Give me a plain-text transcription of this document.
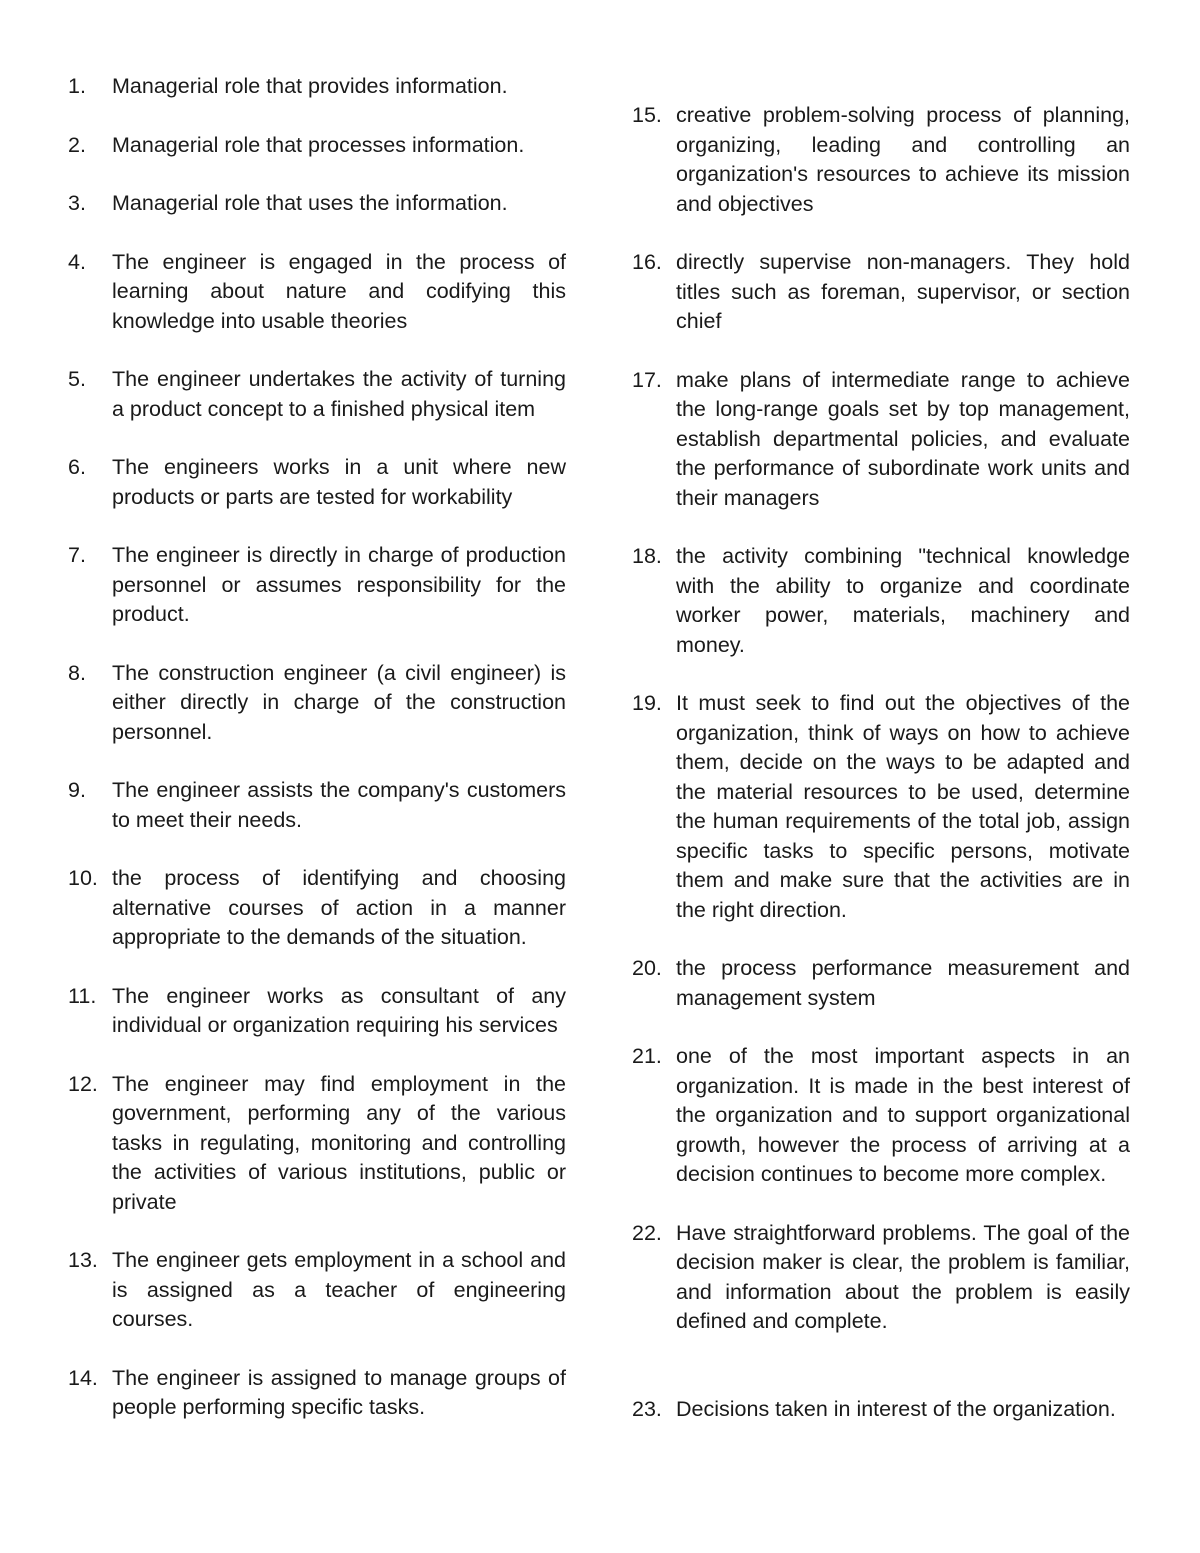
1.	Managerial role that provides information.
2.	Managerial role that processes information.
3.	Managerial role that uses the information.
4.	The engineer is engaged in the process of learning about nature and codifying this knowledge into usable theories
5.	The engineer undertakes the activity of turning a product concept to a finished physical item
6.	The engineers works in a unit where new products or parts are tested for workability
7.	The engineer is directly in charge of production personnel or assumes responsibility for the product.
8.	The construction engineer (a civil engineer) is either directly in charge of the construction personnel.
9.	The engineer assists the company's customers to meet their needs.
10. the process of identifying and choosing alternative courses of action in a manner appropriate to the demands of the situation.
11. The engineer works as consultant of any individual or organization requiring his services
12. The engineer may find employment in the government, performing any of the various tasks in regulating, monitoring and controlling the activities of various institutions, public or private
13. The engineer gets employment in a school and is assigned as a teacher of engineering courses.
14. The engineer is assigned to manage groups of people performing specific tasks.
15. creative problem-solving process of planning, organizing, leading and controlling an organization's resources to achieve its mission and objectives
16. directly supervise non-managers. They hold titles such as foreman, supervisor, or section chief
17. make plans of intermediate range to achieve the long-range goals set by top management, establish departmental policies, and evaluate the performance of subordinate work units and their managers
18. the activity combining "technical knowledge with the ability to organize and coordinate worker power, materials, machinery and money.
19. It must seek to find out the objectives of the organization, think of ways on how to achieve them, decide on the ways to be adapted and the material resources to be used, determine the human requirements of the total job, assign specific tasks to specific persons, motivate them and make sure that the activities are in the right direction.
20. the process performance measurement and management system
21. one of the most important aspects in an organization. It is made in the best interest of the organization and to support organizational growth, however the process of arriving at a decision continues to become more complex.
22. Have straightforward problems. The goal of the decision maker is clear, the problem is familiar, and information about the problem is easily defined and complete.
23. Decisions taken in interest of the organization.
